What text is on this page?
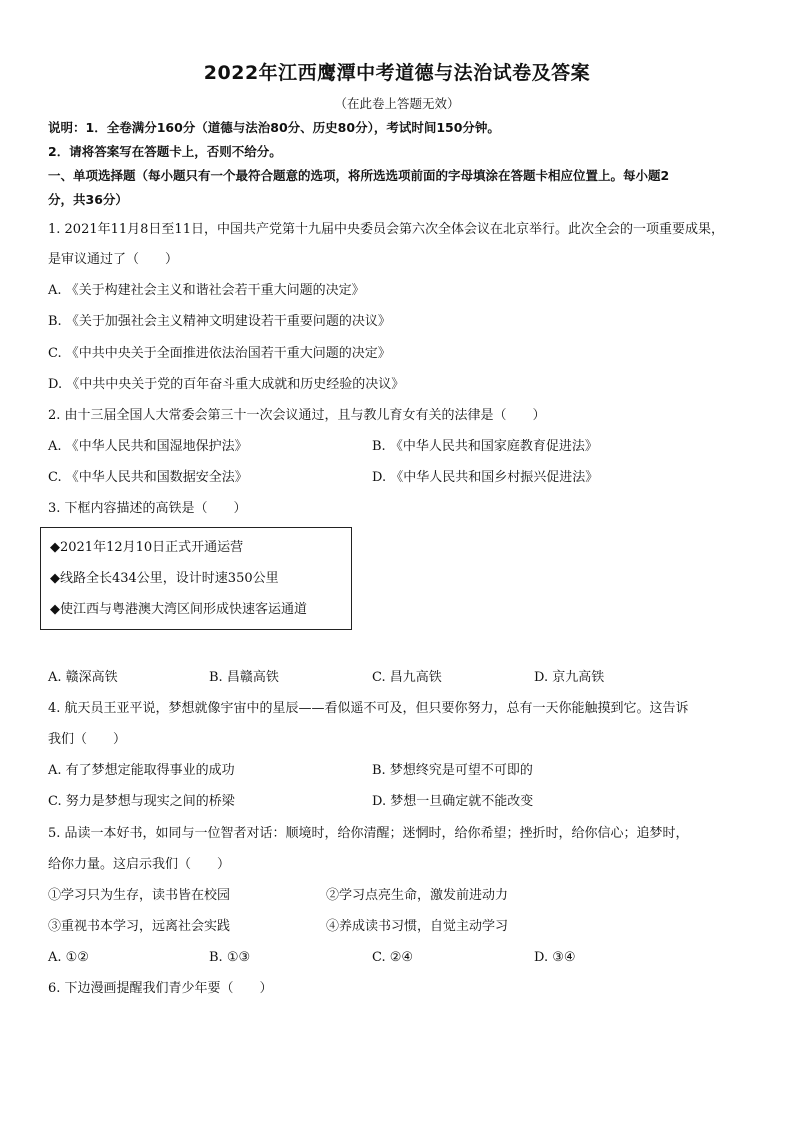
2022年江西鹰潭中考道德与法治试卷及答案
（在此卷上答题无效）
说明：1．全卷满分160分（道德与法治80分、历史80分），考试时间150分钟。
2．请将答案写在答题卡上，否则不给分。
一、单项选择题（每小题只有一个最符合题意的选项，将所选选项前面的字母填涂在答题卡相应位置上。每小题2
分，共36分）
1. 2021年11月8日至11日，中国共产党第十九届中央委员会第六次全体会议在北京举行。此次全会的一项重要成果，
是审议通过了（　　）
A. 《关于构建社会主义和谐社会若干重大问题的决定》
B. 《关于加强社会主义精神文明建设若干重要问题的决议》
C. 《中共中央关于全面推进依法治国若干重大问题的决定》
D. 《中共中央关于党的百年奋斗重大成就和历史经验的决议》
2. 由十三届全国人大常委会第三十一次会议通过，且与教儿育女有关的法律是（　　）
A. 《中华人民共和国湿地保护法》	B. 《中华人民共和国家庭教育促进法》
C. 《中华人民共和国数据安全法》	D. 《中华人民共和国乡村振兴促进法》
3. 下框内容描述的高铁是（　　）
◆2021年12月10日正式开通运营
◆线路全长434公里，设计时速350公里
◆使江西与粤港澳大湾区间形成快速客运通道
A. 赣深高铁	B. 昌赣高铁	C. 昌九高铁	D. 京九高铁
4. 航天员王亚平说，梦想就像宇宙中的星辰——看似遥不可及，但只要你努力，总有一天你能触摸到它。这告诉
我们（　　）
A. 有了梦想定能取得事业的成功	B. 梦想终究是可望不可即的
C. 努力是梦想与现实之间的桥梁	D. 梦想一旦确定就不能改变
5. 品读一本好书，如同与一位智者对话：顺境时，给你清醒；迷惘时，给你希望；挫折时，给你信心；追梦时，
给你力量。这启示我们（　　）
①学习只为生存，读书皆在校园	②学习点亮生命，激发前进动力
③重视书本学习，远离社会实践	④养成读书习惯，自觉主动学习
A. ①②	B. ①③	C. ②④	D. ③④
6. 下边漫画提醒我们青少年要（　　）
